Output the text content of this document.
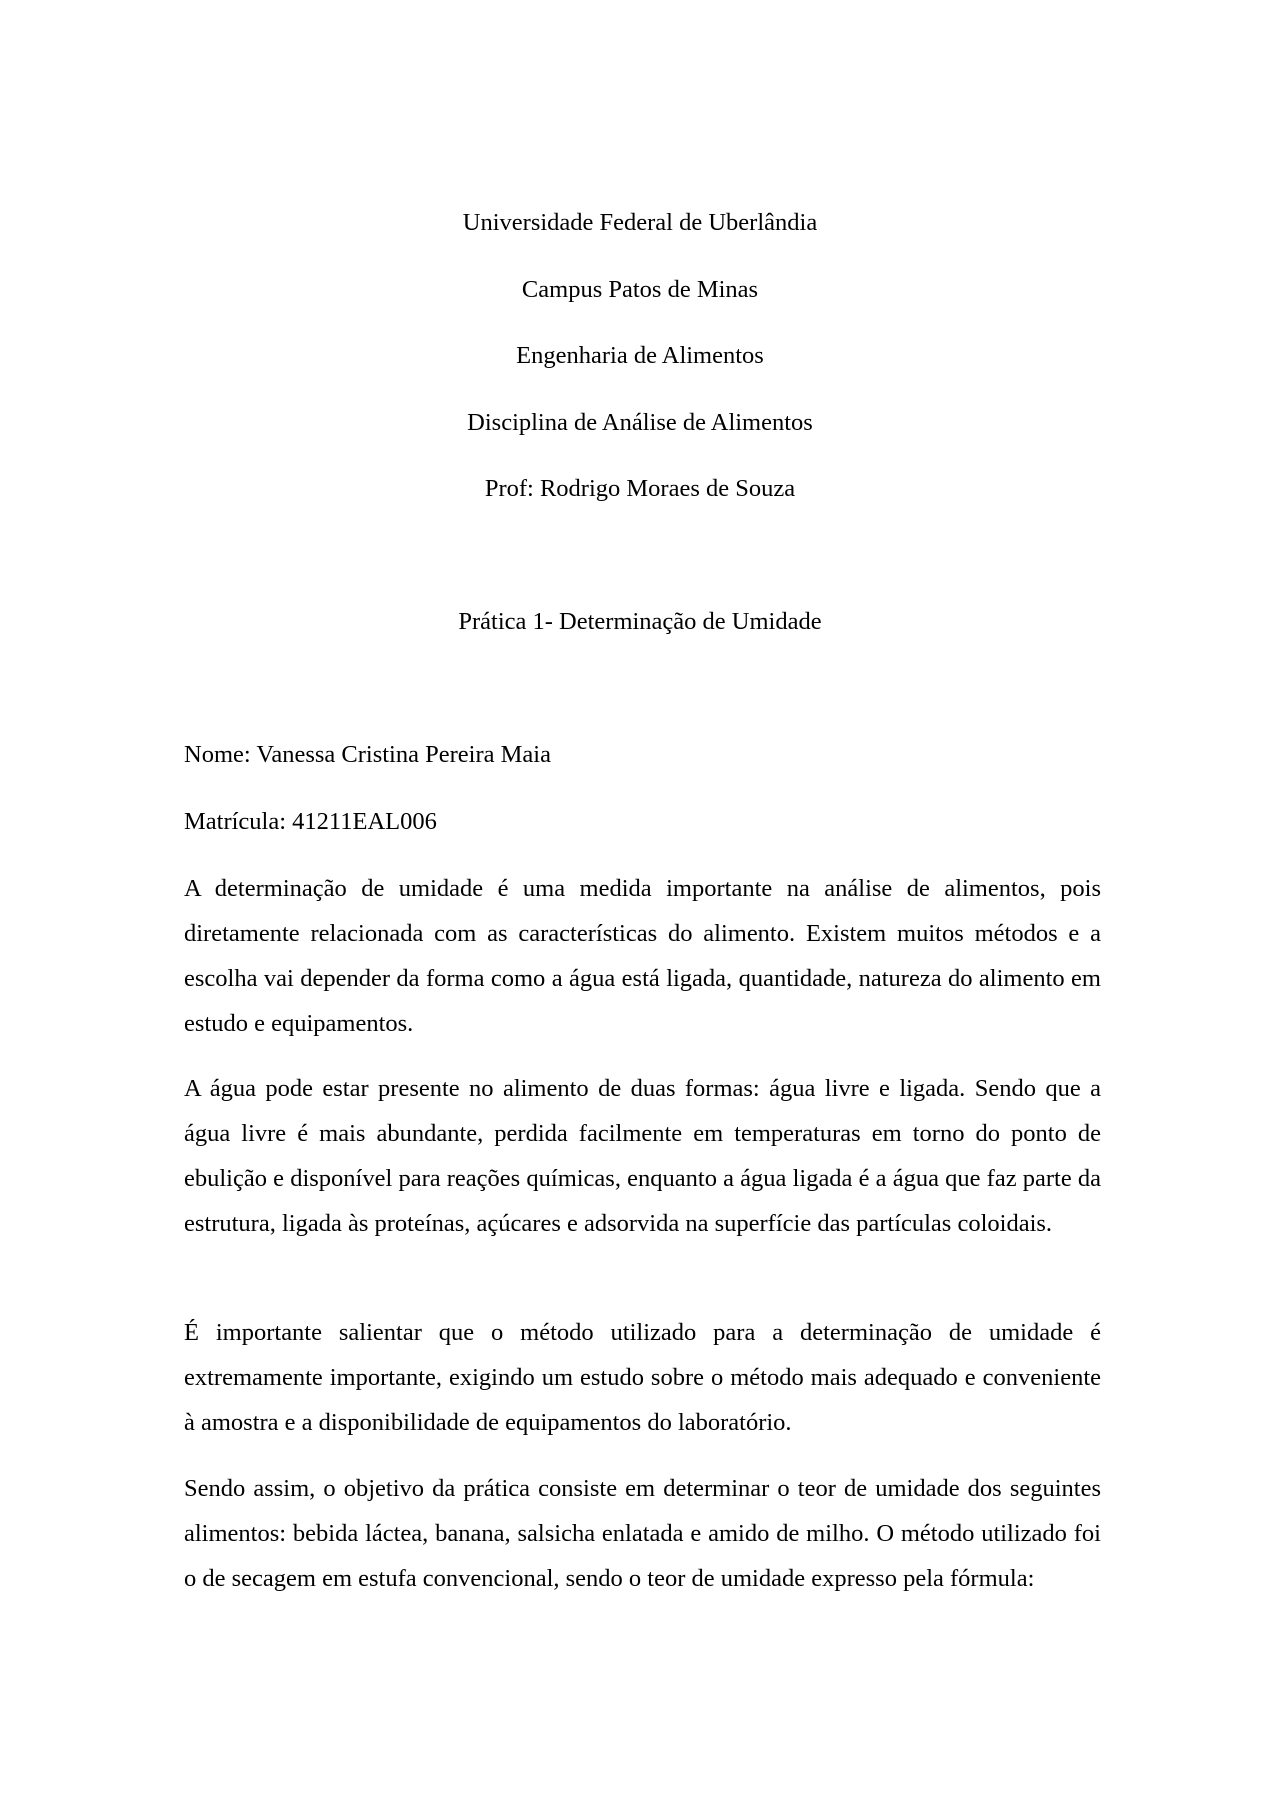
Universidade Federal de Uberlândia
Campus Patos de Minas
Engenharia de Alimentos
Disciplina de Análise de Alimentos
Prof: Rodrigo Moraes de Souza
Prática 1- Determinação de Umidade
Nome: Vanessa Cristina Pereira Maia
Matrícula: 41211EAL006

A determinação de umidade é uma medida importante na análise de alimentos, pois diretamente relacionada com as características do alimento. Existem muitos métodos e a escolha vai depender da forma como a água está ligada, quantidade, natureza do alimento em estudo e equipamentos.

A água pode estar presente no alimento de duas formas: água livre e ligada. Sendo que a água livre é mais abundante, perdida facilmente em temperaturas em torno do ponto de ebulição e disponível para reações químicas, enquanto a água ligada é a água que faz parte da estrutura, ligada às proteínas, açúcares e adsorvida na superfície das partículas coloidais.

É importante salientar que o método utilizado para a determinação de umidade é extremamente importante, exigindo um estudo sobre o método mais adequado e conveniente à amostra e a disponibilidade de equipamentos do laboratório.

Sendo assim, o objetivo da prática consiste em determinar o teor de umidade dos seguintes alimentos: bebida láctea, banana, salsicha enlatada e amido de milho. O método utilizado foi o de secagem em estufa convencional, sendo o teor de umidade expresso pela fórmula:
